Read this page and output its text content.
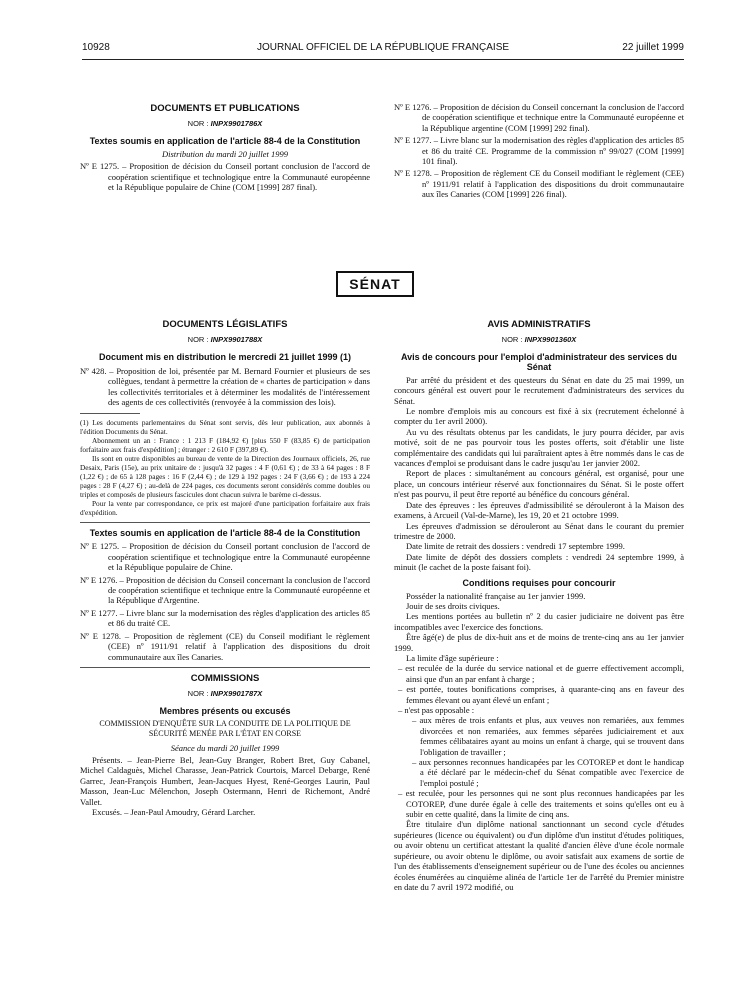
10928	JOURNAL OFFICIEL DE LA RÉPUBLIQUE FRANÇAISE	22 juillet 1999
DOCUMENTS ET PUBLICATIONS
NOR : INPX9901786X
Textes soumis en application de l'article 88-4 de la Constitution
Distribution du mardi 20 juillet 1999

Nº E 1275. – Proposition de décision du Conseil portant conclusion de l'accord de coopération scientifique et technologique entre la Communauté européenne et la République populaire de Chine (COM [1999] 287 final).

Nº E 1276. – Proposition de décision du Conseil concernant la conclusion de l'accord de coopération scientifique et technique entre la Communauté européenne et la République argentine (COM [1999] 292 final).

Nº E 1277. – Livre blanc sur la modernisation des règles d'application des articles 85 et 86 du traité CE. Programme de la commission nº 99/027 (COM [1999] 101 final).

Nº E 1278. – Proposition de règlement CE du Conseil modifiant le règlement (CEE) nº 1911/91 relatif à l'application des dispositions du droit communautaire aux îles Canaries (COM [1999] 226 final).

SÉNAT
DOCUMENTS LÉGISLATIFS
NOR : INPX9901788X
Document mis en distribution le mercredi 21 juillet 1999 (1)

Nº 428. – Proposition de loi, présentée par M. Bernard Fournier et plusieurs de ses collègues, tendant à permettre la création de « chartes de participation » dans les collectivités territoriales et à déterminer les modalités de l'intéressement des agents de ces collectivités (renvoyée à la commission des lois).

(1) Les documents parlementaires du Sénat sont servis, dès leur publication, aux abonnés à l'édition Documents du Sénat.

Abonnement un an : France : 1 213 F (184,92 €) [plus 550 F (83,85 €) de participation forfaitaire aux frais d'expédition] ; étranger : 2 610 F (397,89 €).

Ils sont en outre disponibles au bureau de vente de la Direction des Journaux officiels, 26, rue Desaix, Paris (15e), au prix unitaire de : jusqu'à 32 pages : 4 F (0,61 €) ; de 33 à 64 pages : 8 F (1,22 €) ; de 65 à 128 pages : 16 F (2,44 €) ; de 129 à 192 pages : 24 F (3,66 €) ; de 193 à 224 pages : 28 F (4,27 €) ; au-delà de 224 pages, ces documents seront considérés comme doubles ou triples et composés de plusieurs fascicules dont chacun suivra le barème ci-dessus.

Pour la vente par correspondance, ce prix est majoré d'une participation forfaitaire aux frais d'expédition.

Textes soumis en application de l'article 88-4 de la Constitution

Nº E 1275. – Proposition de décision du Conseil portant conclusion de l'accord de coopération scientifique et technologique entre la Communauté européenne et la République populaire de Chine.

Nº E 1276. – Proposition de décision du Conseil concernant la conclusion de l'accord de coopération scientifique et technique entre la Communauté européenne et la République d'Argentine.

Nº E 1277. – Livre blanc sur la modernisation des règles d'application des articles 85 et 86 du traité CE.

Nº E 1278. – Proposition de règlement (CE) du Conseil modifiant le règlement (CEE) nº 1911/91 relatif à l'application des dispositions du droit communautaire aux îles Canaries.

COMMISSIONS
NOR : INPX9901787X
Membres présents ou excusés

COMMISSION D'ENQUÊTE SUR LA CONDUITE DE LA POLITIQUE DE SÉCURITÉ MENÉE PAR L'ÉTAT EN CORSE

Séance du mardi 20 juillet 1999

Présents. – Jean-Pierre Bel, Jean-Guy Branger, Robert Bret, Guy Cabanel, Michel Caldaguès, Michel Charasse, Jean-Patrick Courtois, Marcel Debarge, René Garrec, Jean-François Humbert, Jean-Jacques Hyest, René-Georges Laurin, Paul Masson, Jean-Luc Mélenchon, Joseph Ostermann, Henri de Richemont, André Vallet.

Excusés. – Jean-Paul Amoudry, Gérard Larcher.

AVIS ADMINISTRATIFS
NOR : INPX9901360X
Avis de concours pour l'emploi d'administrateur des services du Sénat

Par arrêté du président et des questeurs du Sénat en date du 25 mai 1999, un concours général est ouvert pour le recrutement d'administrateurs des services du Sénat.

Le nombre d'emplois mis au concours est fixé à six (recrutement échelonné à compter du 1er avril 2000).

Au vu des résultats obtenus par les candidats, le jury pourra décider, par avis motivé, soit de ne pas pourvoir tous les postes offerts, soit d'établir une liste complémentaire des candidats qui lui paraîtraient aptes à être nommés dans le cas de vacances d'emploi se produisant dans le cadre jusqu'au 1er janvier 2002.

Report de places : simultanément au concours général, est organisé, pour une place, un concours intérieur réservé aux fonctionnaires du Sénat. Si le poste offert n'est pas pourvu, il peut être reporté au bénéfice du concours général.

Date des épreuves : les épreuves d'admissibilité se dérouleront à la Maison des examens, à Arcueil (Val-de-Marne), les 19, 20 et 21 octobre 1999.

Les épreuves d'admission se dérouleront au Sénat dans le courant du premier trimestre de 2000.

Date limite de retrait des dossiers : vendredi 17 septembre 1999.

Date limite de dépôt des dossiers complets : vendredi 24 septembre 1999, à minuit (le cachet de la poste faisant foi).

Conditions requises pour concourir

Posséder la nationalité française au 1er janvier 1999.

Jouir de ses droits civiques.

Les mentions portées au bulletin nº 2 du casier judiciaire ne doivent pas être incompatibles avec l'exercice des fonctions.

Être âgé(e) de plus de dix-huit ans et de moins de trente-cinq ans au 1er janvier 1999.

La limite d'âge supérieure :

– est reculée de la durée du service national et de guerre effectivement accompli, ainsi que d'un an par enfant à charge ;

– est portée, toutes bonifications comprises, à quarante-cinq ans en faveur des femmes élevant ou ayant élevé un enfant ;

– n'est pas opposable :

– aux mères de trois enfants et plus, aux veuves non remariées, aux femmes divorcées et non remariées, aux femmes séparées judiciairement et aux femmes célibataires ayant au moins un enfant à charge, qui se trouvent dans l'obligation de travailler ;

– aux personnes reconnues handicapées par les COTOREP et dont le handicap a été déclaré par le médecin-chef du Sénat compatible avec l'exercice de l'emploi postulé ;

– est reculée, pour les personnes qui ne sont plus reconnues handicapées par les COTOREP, d'une durée égale à celle des traitements et soins qu'elles ont eu à subir en cette qualité, dans la limite de cinq ans.

Être titulaire d'un diplôme national sanctionnant un second cycle d'études supérieures (licence ou équivalent) ou d'un diplôme d'un institut d'études politiques, ou avoir obtenu un certificat attestant la qualité d'ancien élève d'une école normale supérieure, ou avoir obtenu le diplôme, ou avoir satisfait aux examens de sortie de l'un des établissements d'enseignement supérieur ou de l'une des écoles ou anciennes écoles énumérées au cinquième alinéa de l'article 1er de l'arrêté du Premier ministre en date du 7 avril 1972 modifié, ou
